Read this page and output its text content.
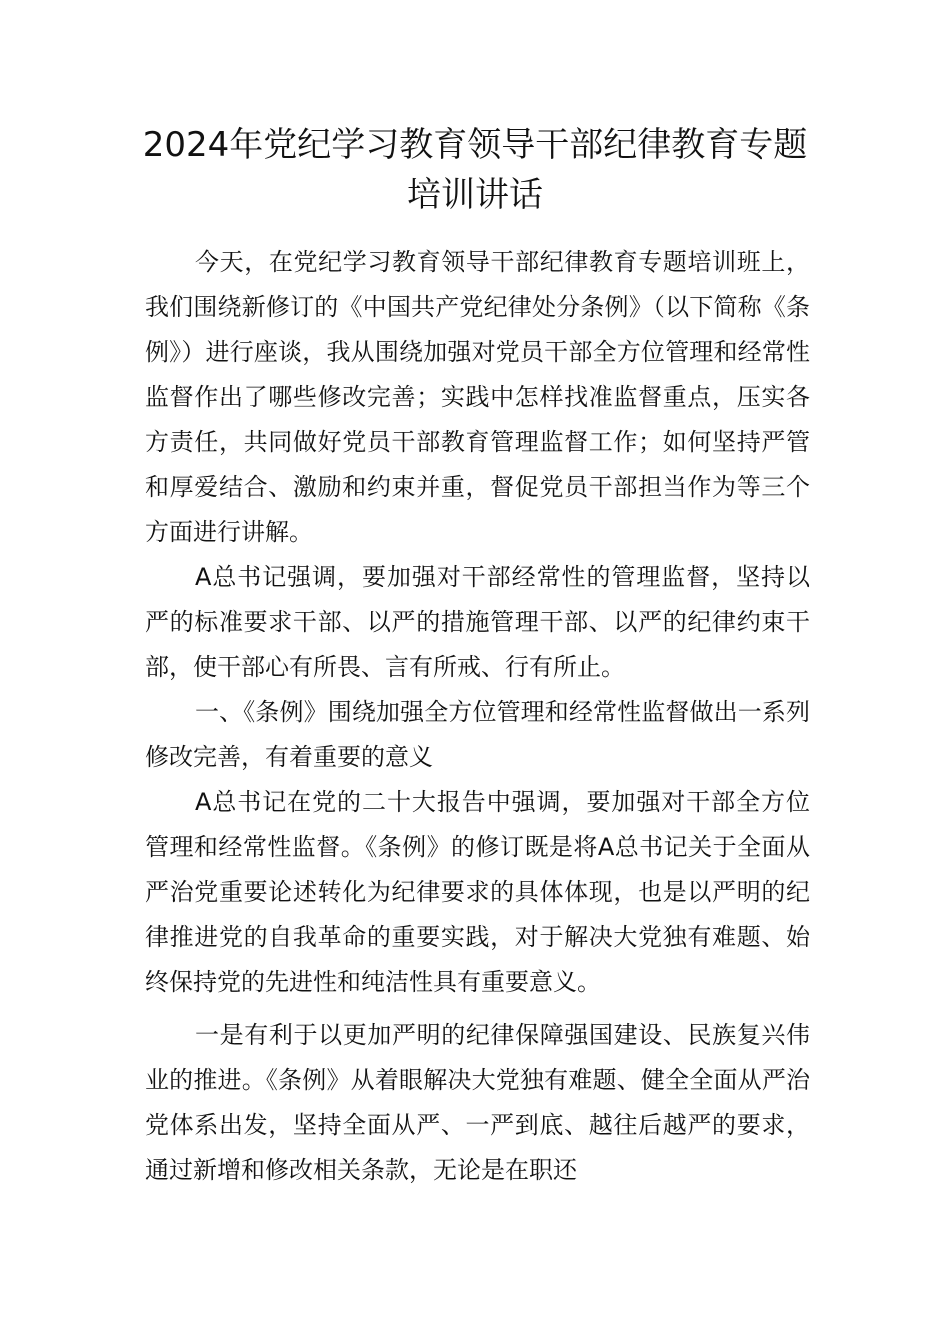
2024年党纪学习教育领导干部纪律教育专题培训讲话

今天，在党纪学习教育领导干部纪律教育专题培训班上，我们围绕新修订的《中国共产党纪律处分条例》（以下简称《条例》）进行座谈，我从围绕加强对党员干部全方位管理和经常性监督作出了哪些修改完善；实践中怎样找准监督重点，压实各方责任，共同做好党员干部教育管理监督工作；如何坚持严管和厚爱结合、激励和约束并重，督促党员干部担当作为等三个方面进行讲解。

A总书记强调，要加强对干部经常性的管理监督，坚持以严的标准要求干部、以严的措施管理干部、以严的纪律约束干部，使干部心有所畏、言有所戒、行有所止。

一、《条例》围绕加强全方位管理和经常性监督做出一系列修改完善，有着重要的意义

A总书记在党的二十大报告中强调，要加强对干部全方位管理和经常性监督。《条例》的修订既是将A总书记关于全面从严治党重要论述转化为纪律要求的具体体现，也是以严明的纪律推进党的自我革命的重要实践，对于解决大党独有难题、始终保持党的先进性和纯洁性具有重要意义。

一是有利于以更加严明的纪律保障强国建设、民族复兴伟业的推进。《条例》从着眼解决大党独有难题、健全全面从严治党体系出发，坚持全面从严、一严到底、越往后越严的要求，通过新增和修改相关条款，无论是在职还
